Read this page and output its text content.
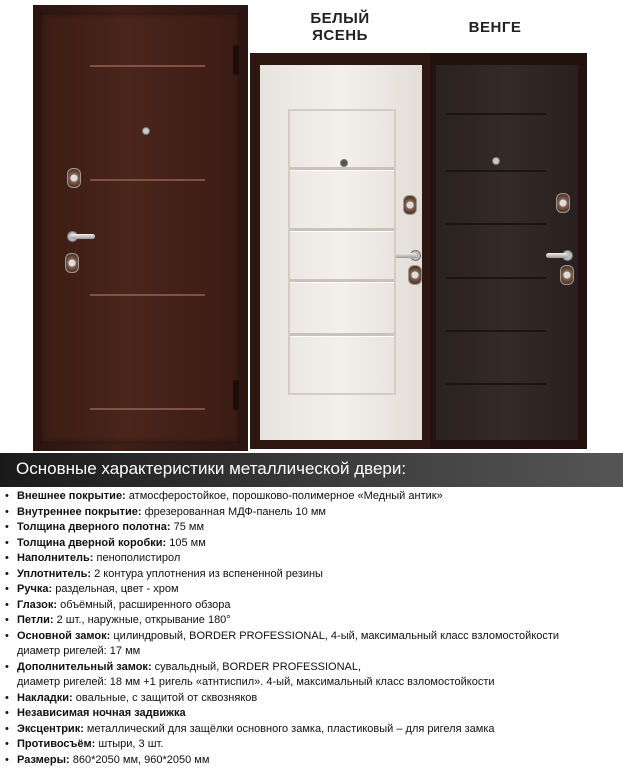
БЕЛЫЙ
ЯСЕНЬ	ВЕНГЕ
Основные характеристики металлической двери:
• Внешнее покрытие: атмосферостойкое, порошково-полимерное «Медный антик»
• Внутреннее покрытие: фрезерованная МДФ-панель 10 мм
• Толщина дверного полотна: 75 мм
• Толщина дверной коробки: 105 мм
• Наполнитель: пенополистирол
• Уплотнитель: 2 контура уплотнения из вспененной резины
• Ручка: раздельная, цвет - хром
• Глазок: объёмный, расширенного обзора
• Петли: 2 шт., наружные, открывание 180°
• Основной замок: цилиндровый, BORDER PROFESSIONAL, 4-ый, максимальный класс взломостойкости
диаметр ригелей: 17 мм
• Дополнительный замок: сувальдный, BORDER PROFESSIONAL,
диаметр ригелей: 18 мм +1 ригель «атнтиспил». 4-ый, максимальный класс взломостойкости
• Накладки: овальные, с защитой от сквозняков
• Независимая ночная задвижка
• Эксцентрик: металлический для защёлки основного замка, пластиковый – для ригеля замка
• Противосъём: штыри, 3 шт.
• Размеры: 860*2050 мм, 960*2050 мм
